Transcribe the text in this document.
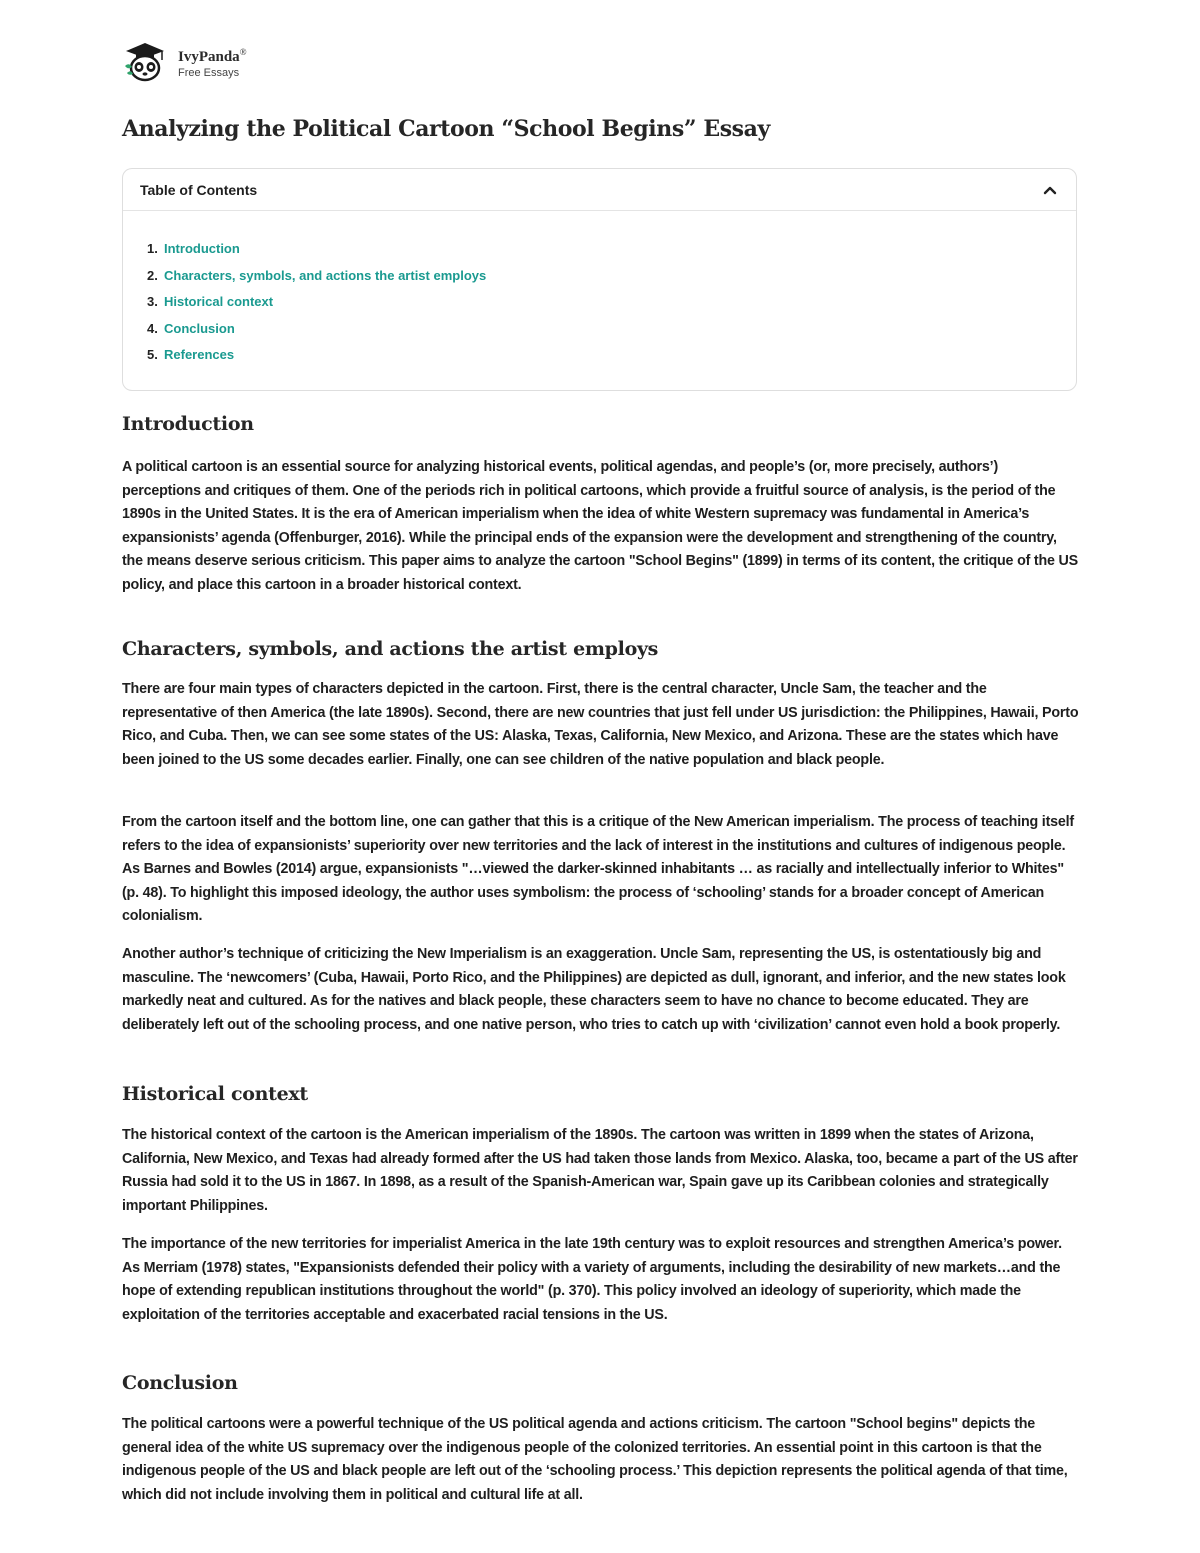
IvyPanda®
Free Essays
Analyzing the Political Cartoon “School Begins” Essay
Table of Contents
1. Introduction
2. Characters, symbols, and actions the artist employs
3. Historical context
4. Conclusion
5. References
Introduction

A political cartoon is an essential source for analyzing historical events, political agendas, and people’s (or, more precisely, authors’) perceptions and critiques of them. One of the periods rich in political cartoons, which provide a fruitful source of analysis, is the period of the 1890s in the United States. It is the era of American imperialism when the idea of white Western supremacy was fundamental in America’s expansionists’ agenda (Offenburger, 2016). While the principal ends of the expansion were the development and strengthening of the country, the means deserve serious criticism. This paper aims to analyze the cartoon "School Begins" (1899) in terms of its content, the critique of the US policy, and place this cartoon in a broader historical context.

Characters, symbols, and actions the artist employs

There are four main types of characters depicted in the cartoon. First, there is the central character, Uncle Sam, the teacher and the representative of then America (the late 1890s). Second, there are new countries that just fell under US jurisdiction: the Philippines, Hawaii, Porto Rico, and Cuba. Then, we can see some states of the US: Alaska, Texas, California, New Mexico, and Arizona. These are the states which have been joined to the US some decades earlier. Finally, one can see children of the native population and black people.

From the cartoon itself and the bottom line, one can gather that this is a critique of the New American imperialism. The process of teaching itself refers to the idea of expansionists’ superiority over new territories and the lack of interest in the institutions and cultures of indigenous people. As Barnes and Bowles (2014) argue, expansionists "…viewed the darker-skinned inhabitants … as racially and intellectually inferior to Whites" (p. 48). To highlight this imposed ideology, the author uses symbolism: the process of ‘schooling’ stands for a broader concept of American colonialism.

Another author’s technique of criticizing the New Imperialism is an exaggeration. Uncle Sam, representing the US, is ostentatiously big and masculine. The ‘newcomers’ (Cuba, Hawaii, Porto Rico, and the Philippines) are depicted as dull, ignorant, and inferior, and the new states look markedly neat and cultured. As for the natives and black people, these characters seem to have no chance to become educated. They are deliberately left out of the schooling process, and one native person, who tries to catch up with ‘civilization’ cannot even hold a book properly.

Historical context

The historical context of the cartoon is the American imperialism of the 1890s. The cartoon was written in 1899 when the states of Arizona, California, New Mexico, and Texas had already formed after the US had taken those lands from Mexico. Alaska, too, became a part of the US after Russia had sold it to the US in 1867. In 1898, as a result of the Spanish-American war, Spain gave up its Caribbean colonies and strategically important Philippines.

The importance of the new territories for imperialist America in the late 19th century was to exploit resources and strengthen America’s power. As Merriam (1978) states, "Expansionists defended their policy with a variety of arguments, including the desirability of new markets…and the hope of extending republican institutions throughout the world" (p. 370). This policy involved an ideology of superiority, which made the exploitation of the territories acceptable and exacerbated racial tensions in the US.

Conclusion

The political cartoons were a powerful technique of the US political agenda and actions criticism. The cartoon "School begins" depicts the general idea of the white US supremacy over the indigenous people of the colonized territories. An essential point in this cartoon is that the indigenous people of the US and black people are left out of the ‘schooling process.’ This depiction represents the political agenda of that time, which did not include involving them in political and cultural life at all.
